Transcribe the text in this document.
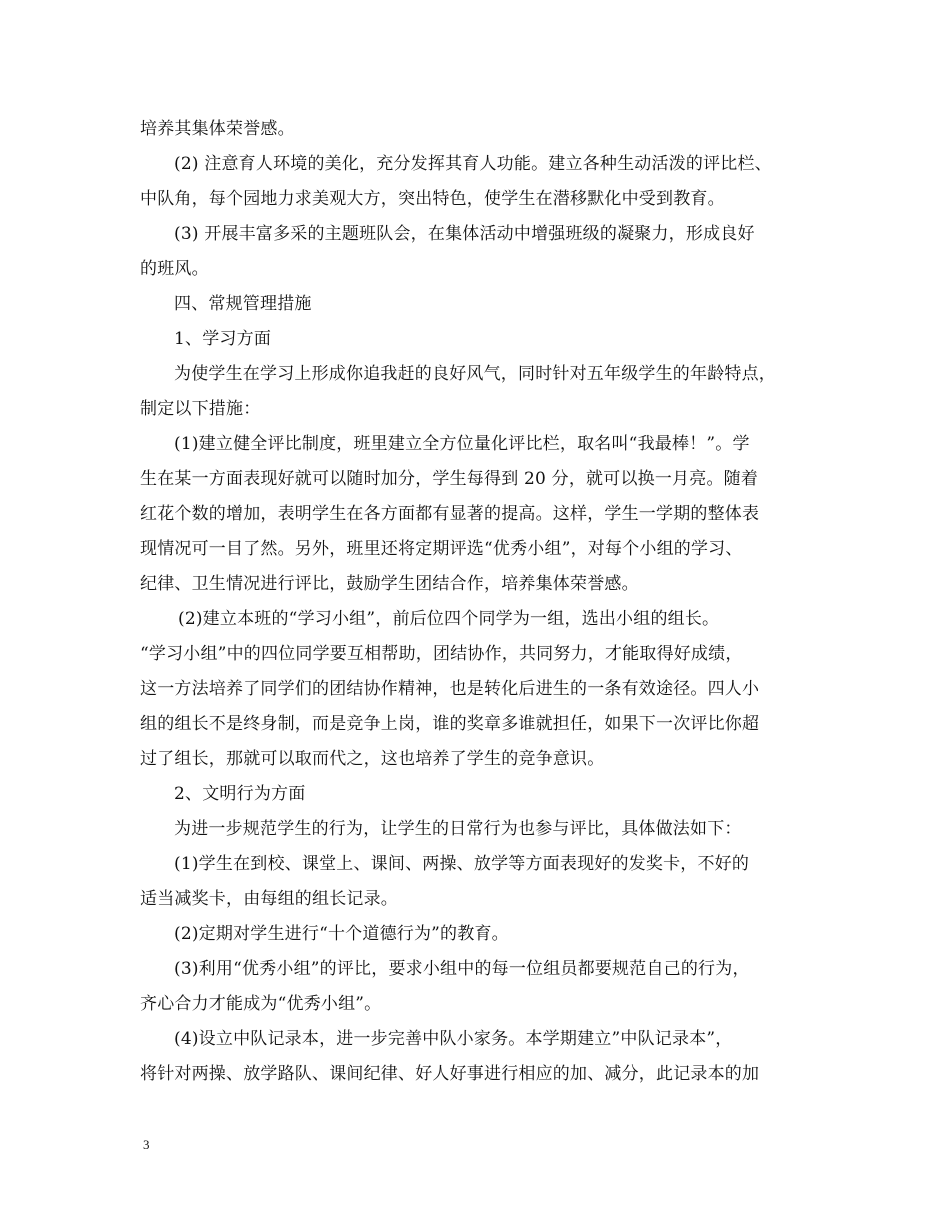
培养其集体荣誉感。
(2) 注意育人环境的美化，充分发挥其育人功能。建立各种生动活泼的评比栏、
中队角，每个园地力求美观大方，突出特色，使学生在潜移默化中受到教育。
(3) 开展丰富多采的主题班队会，在集体活动中增强班级的凝聚力，形成良好
的班风。
四、常规管理措施
1、学习方面
为使学生在学习上形成你追我赶的良好风气，同时针对五年级学生的年龄特点，
制定以下措施：
(1)建立健全评比制度，班里建立全方位量化评比栏，取名叫“我最棒！”。学
生在某一方面表现好就可以随时加分，学生每得到 20 分，就可以换一月亮。随着
红花个数的增加，表明学生在各方面都有显著的提高。这样，学生一学期的整体表
现情况可一目了然。另外，班里还将定期评选“优秀小组”，对每个小组的学习、
纪律、卫生情况进行评比，鼓励学生团结合作，培养集体荣誉感。
(2)建立本班的“学习小组”，前后位四个同学为一组，选出小组的组长。
“学习小组”中的四位同学要互相帮助，团结协作，共同努力，才能取得好成绩，
这一方法培养了同学们的团结协作精神，也是转化后进生的一条有效途径。四人小
组的组长不是终身制，而是竞争上岗，谁的奖章多谁就担任，如果下一次评比你超
过了组长，那就可以取而代之，这也培养了学生的竞争意识。
2、文明行为方面
为进一步规范学生的行为，让学生的日常行为也参与评比，具体做法如下：
(1)学生在到校、课堂上、课间、两操、放学等方面表现好的发奖卡，不好的
适当减奖卡，由每组的组长记录。
(2)定期对学生进行“十个道德行为”的教育。
(3)利用“优秀小组”的评比，要求小组中的每一位组员都要规范自己的行为，
齐心合力才能成为“优秀小组”。
(4)设立中队记录本，进一步完善中队小家务。本学期建立”中队记录本”，
将针对两操、放学路队、课间纪律、好人好事进行相应的加、减分，此记录本的加
3
